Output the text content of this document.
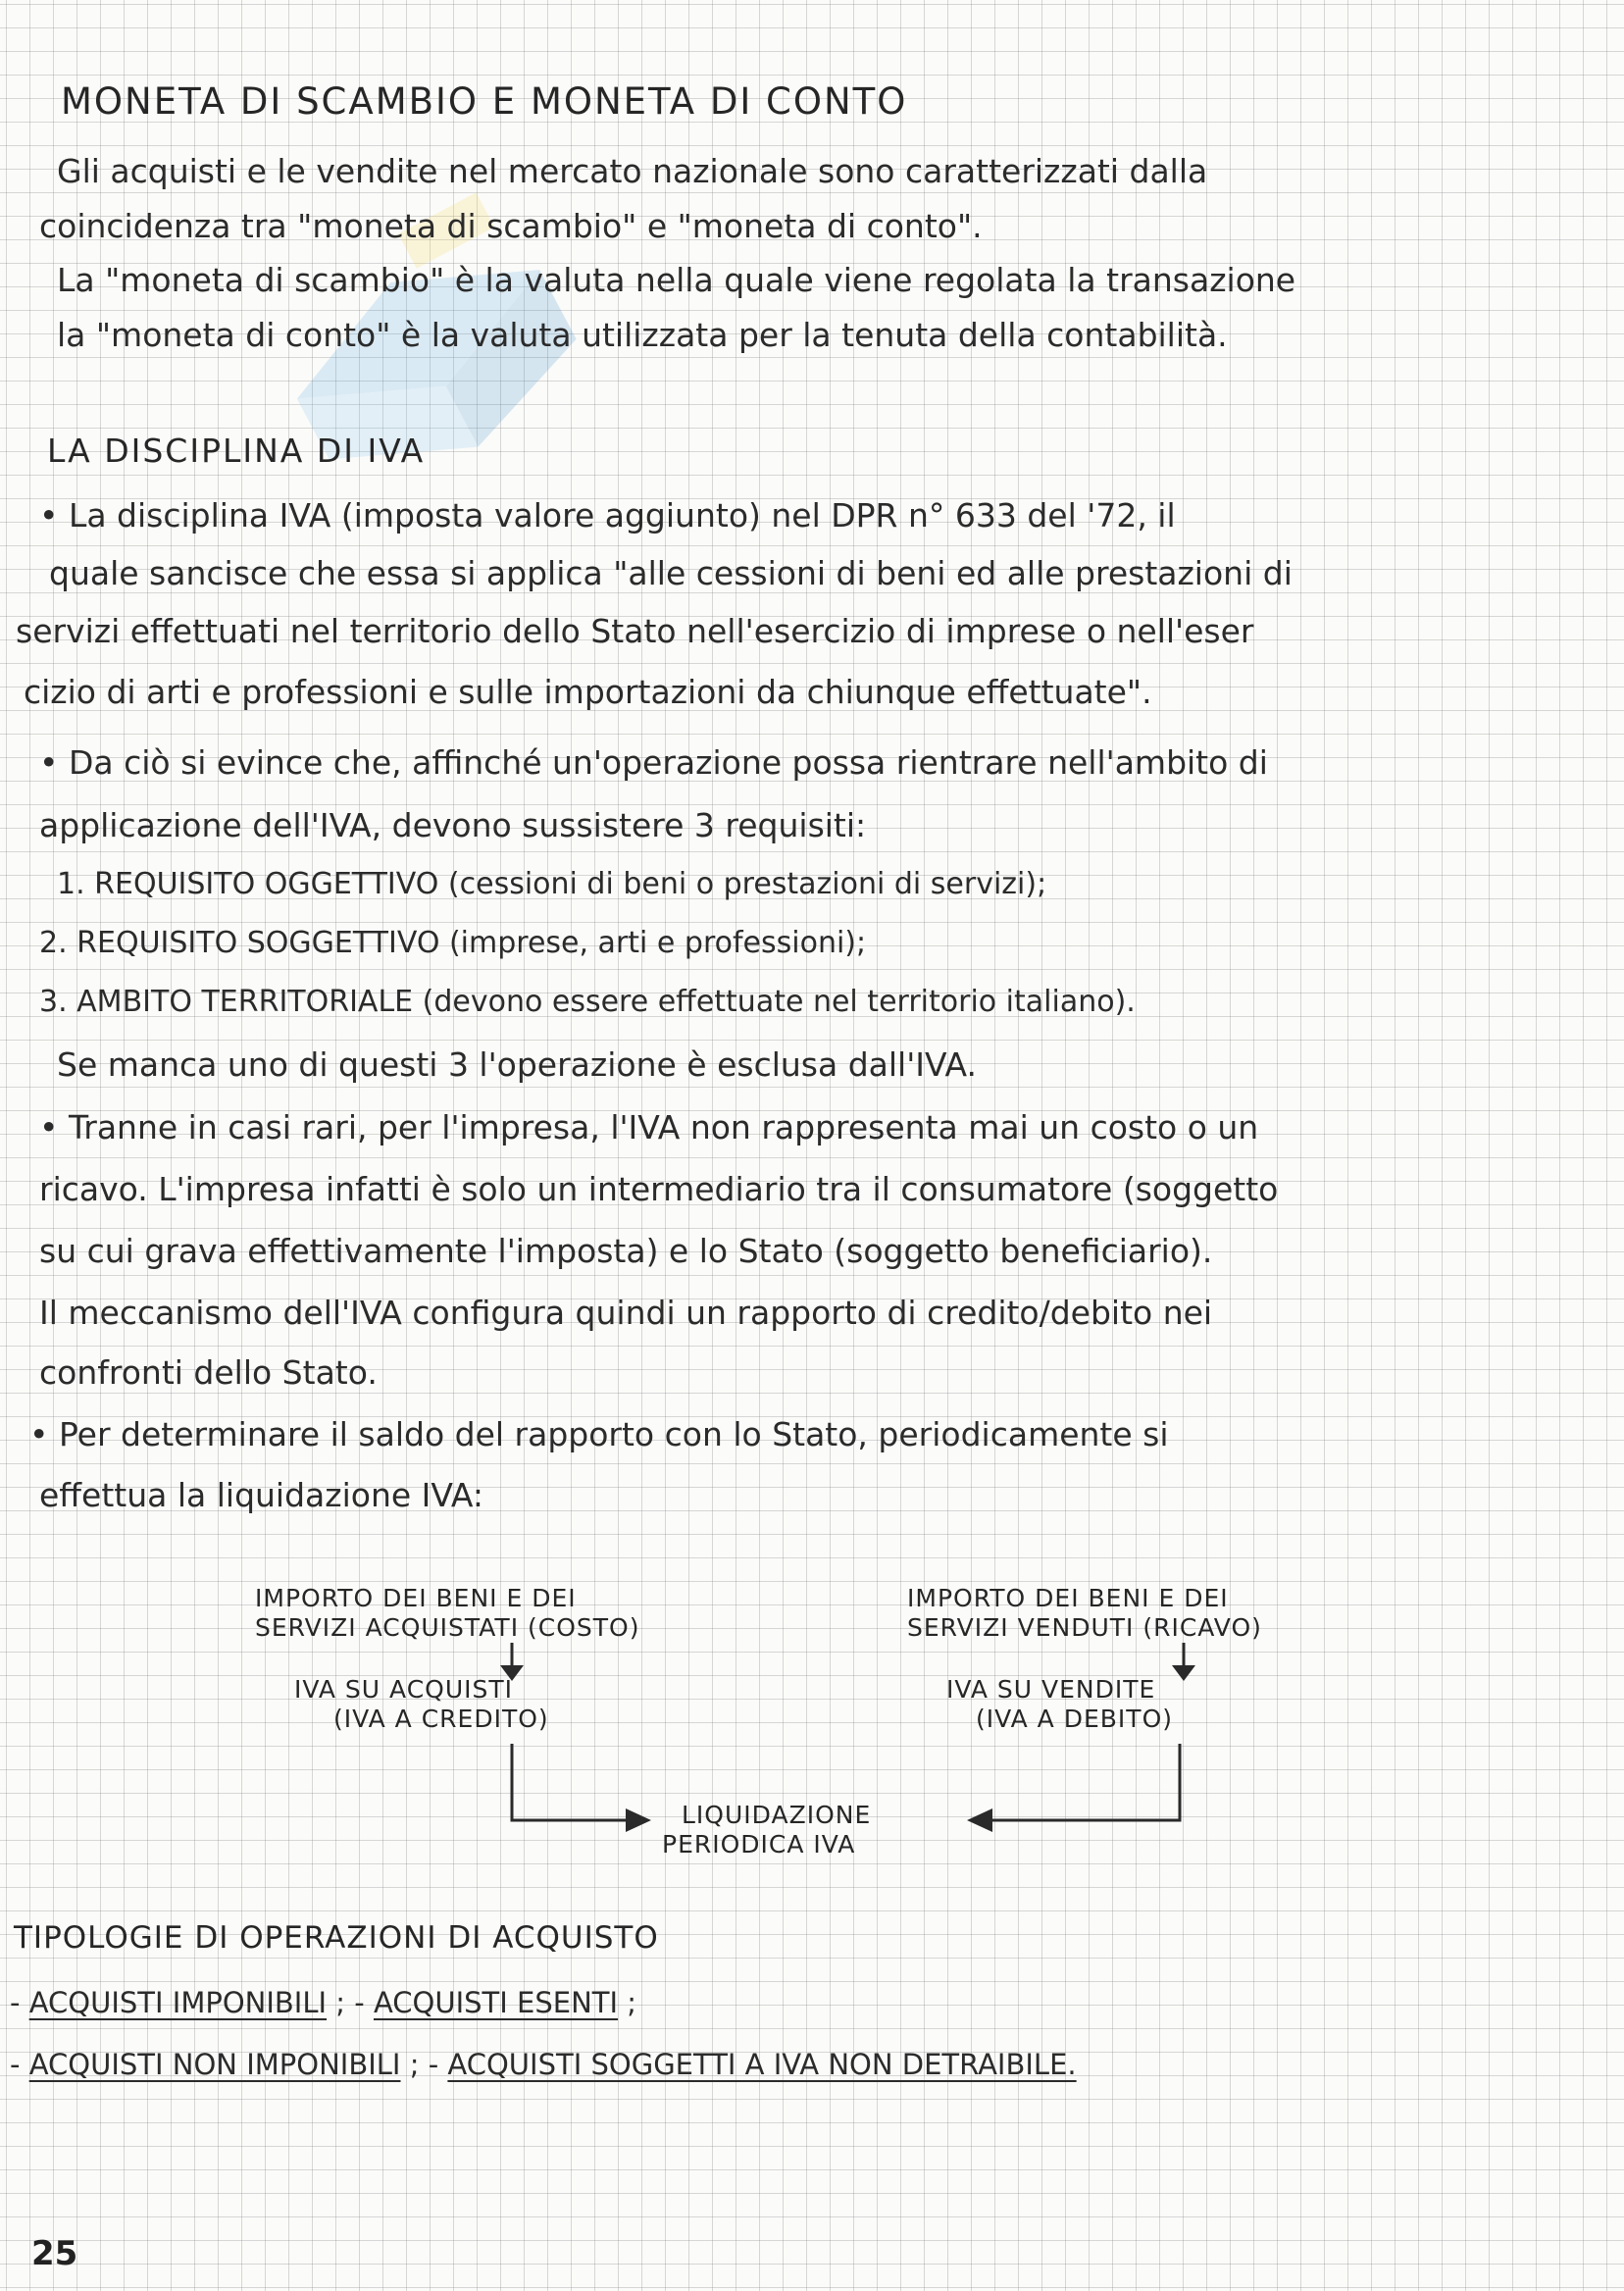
MONETA DI SCAMBIO E MONETA DI CONTO
Gli acquisti e le vendite nel mercato nazionale sono caratterizzati dalla
coincidenza tra "moneta di scambio" e "moneta di conto".
La "moneta di scambio" è la valuta nella quale viene regolata la transazione
la "moneta di conto" è la valuta utilizzata per la tenuta della contabilità.
LA DISCIPLINA DI IVA
• La disciplina IVA (imposta valore aggiunto) nel DPR n° 633 del '72, il
quale sancisce che essa si applica "alle cessioni di beni ed alle prestazioni di
servizi effettuati nel territorio dello Stato nell'esercizio di imprese o nell'eser
cizio di arti e professioni e sulle importazioni da chiunque effettuate".
• Da ciò si evince che, affinché un'operazione possa rientrare nell'ambito di
applicazione dell'IVA, devono sussistere 3 requisiti:
1. REQUISITO OGGETTIVO (cessioni di beni o prestazioni di servizi);
2. REQUISITO SOGGETTIVO (imprese, arti e professioni);
3. AMBITO TERRITORIALE (devono essere effettuate nel territorio italiano).
Se manca uno di questi 3 l'operazione è esclusa dall'IVA.
• Tranne in casi rari, per l'impresa, l'IVA non rappresenta mai un costo o un
ricavo. L'impresa infatti è solo un intermediario tra il consumatore (soggetto
su cui grava effettivamente l'imposta) e lo Stato (soggetto beneficiario).
Il meccanismo dell'IVA configura quindi un rapporto di credito/debito nei
confronti dello Stato.
• Per determinare il saldo del rapporto con lo Stato, periodicamente si
effettua la liquidazione IVA:
IMPORTO DEI BENI E DEI
SERVIZI ACQUISTATI (COSTO)
IVA SU ACQUISTI
(IVA A CREDITO)
IMPORTO DEI BENI E DEI
SERVIZI VENDUTI (RICAVO)
IVA SU VENDITE
(IVA A DEBITO)
LIQUIDAZIONE
PERIODICA IVA
TIPOLOGIE DI OPERAZIONI DI ACQUISTO
- ACQUISTI IMPONIBILI ; - ACQUISTI ESENTI ;
- ACQUISTI NON IMPONIBILI ; - ACQUISTI SOGGETTI A IVA NON DETRAIBILE.
25
